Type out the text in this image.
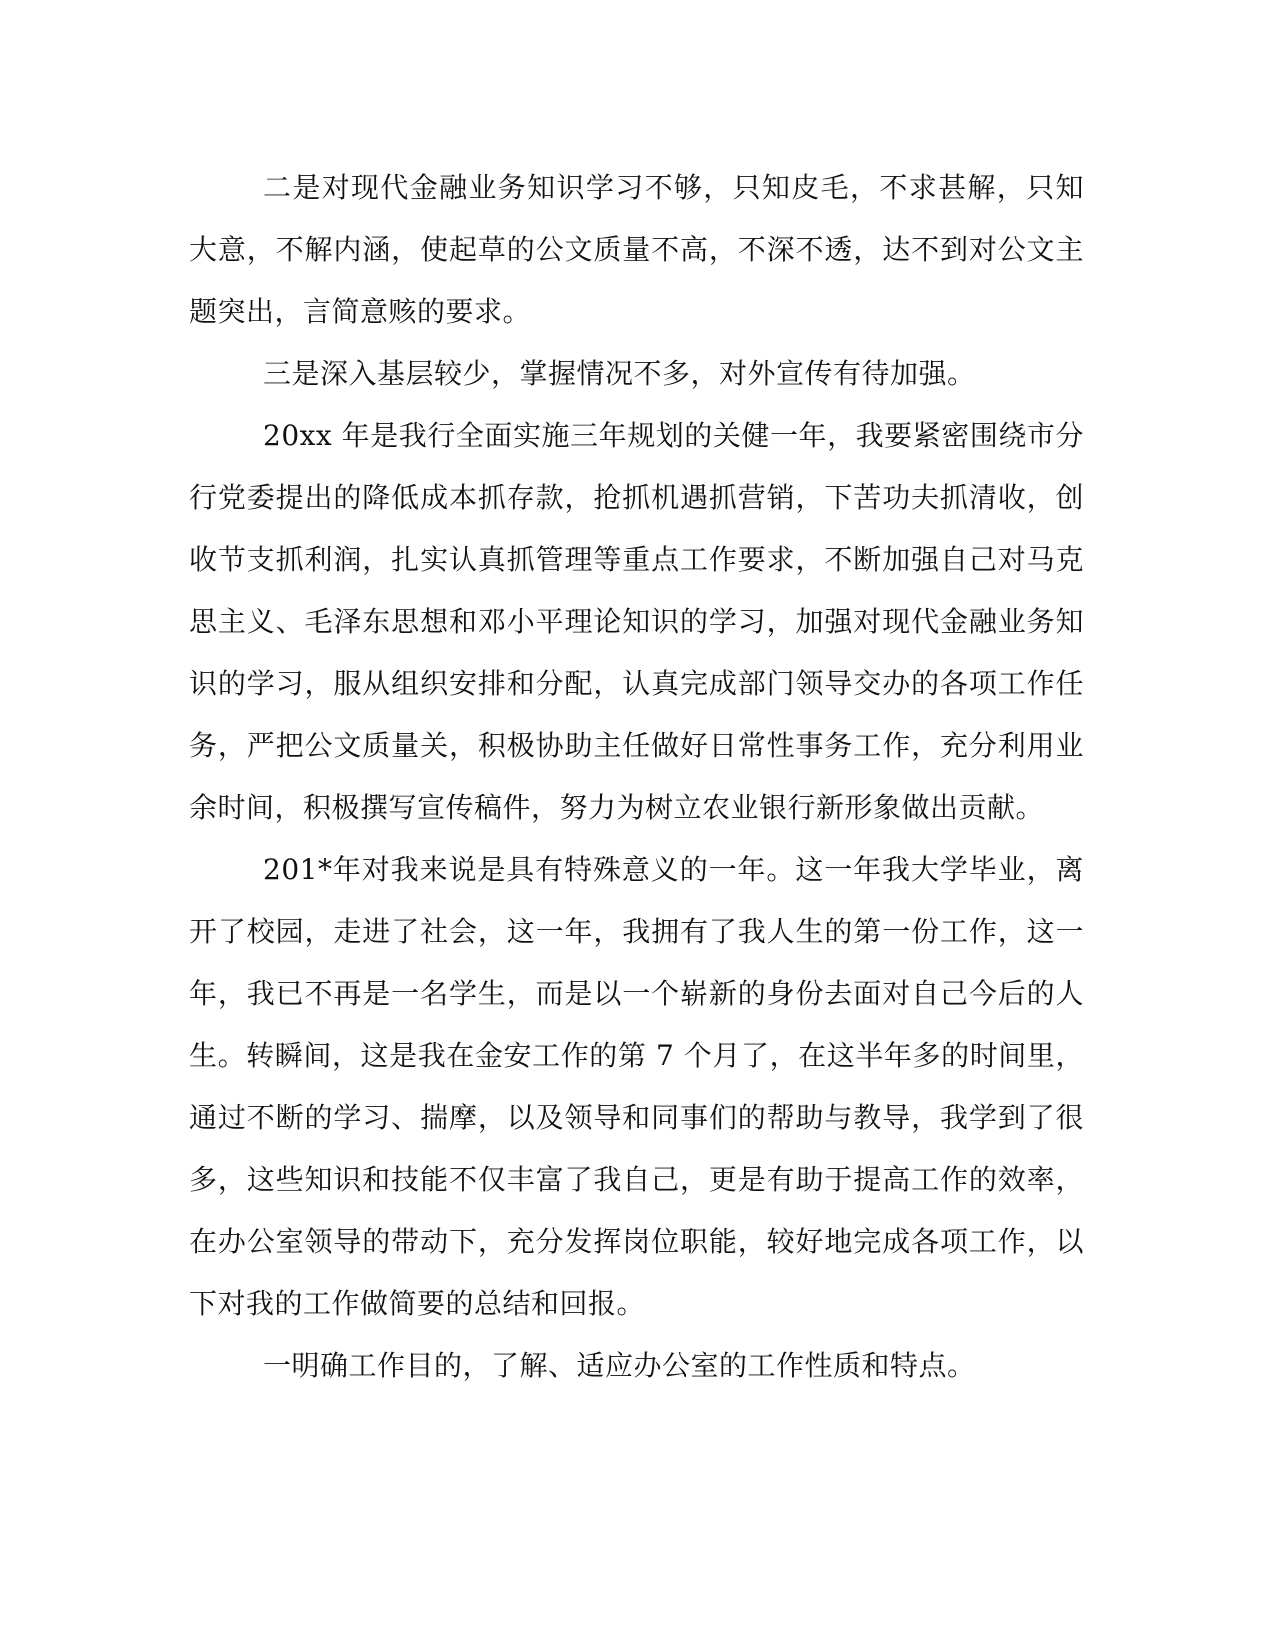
二是对现代金融业务知识学习不够，只知皮毛，不求甚解，只知大意，不解内涵，使起草的公文质量不高，不深不透，达不到对公文主题突出，言简意赅的要求。

三是深入基层较少，掌握情况不多，对外宣传有待加强。

20xx 年是我行全面实施三年规划的关健一年，我要紧密围绕市分行党委提出的降低成本抓存款，抢抓机遇抓营销，下苦功夫抓清收，创收节支抓利润，扎实认真抓管理等重点工作要求，不断加强自己对马克思主义、毛泽东思想和邓小平理论知识的学习，加强对现代金融业务知识的学习，服从组织安排和分配，认真完成部门领导交办的各项工作任务，严把公文质量关，积极协助主任做好日常性事务工作，充分利用业余时间，积极撰写宣传稿件，努力为树立农业银行新形象做出贡献。

201*年对我来说是具有特殊意义的一年。这一年我大学毕业，离开了校园，走进了社会，这一年，我拥有了我人生的第一份工作，这一年，我已不再是一名学生，而是以一个崭新的身份去面对自己今后的人生。转瞬间，这是我在金安工作的第 7 个月了，在这半年多的时间里，通过不断的学习、揣摩，以及领导和同事们的帮助与教导，我学到了很多，这些知识和技能不仅丰富了我自己，更是有助于提高工作的效率，在办公室领导的带动下，充分发挥岗位职能，较好地完成各项工作，以下对我的工作做简要的总结和回报。

一明确工作目的，了解、适应办公室的工作性质和特点。
